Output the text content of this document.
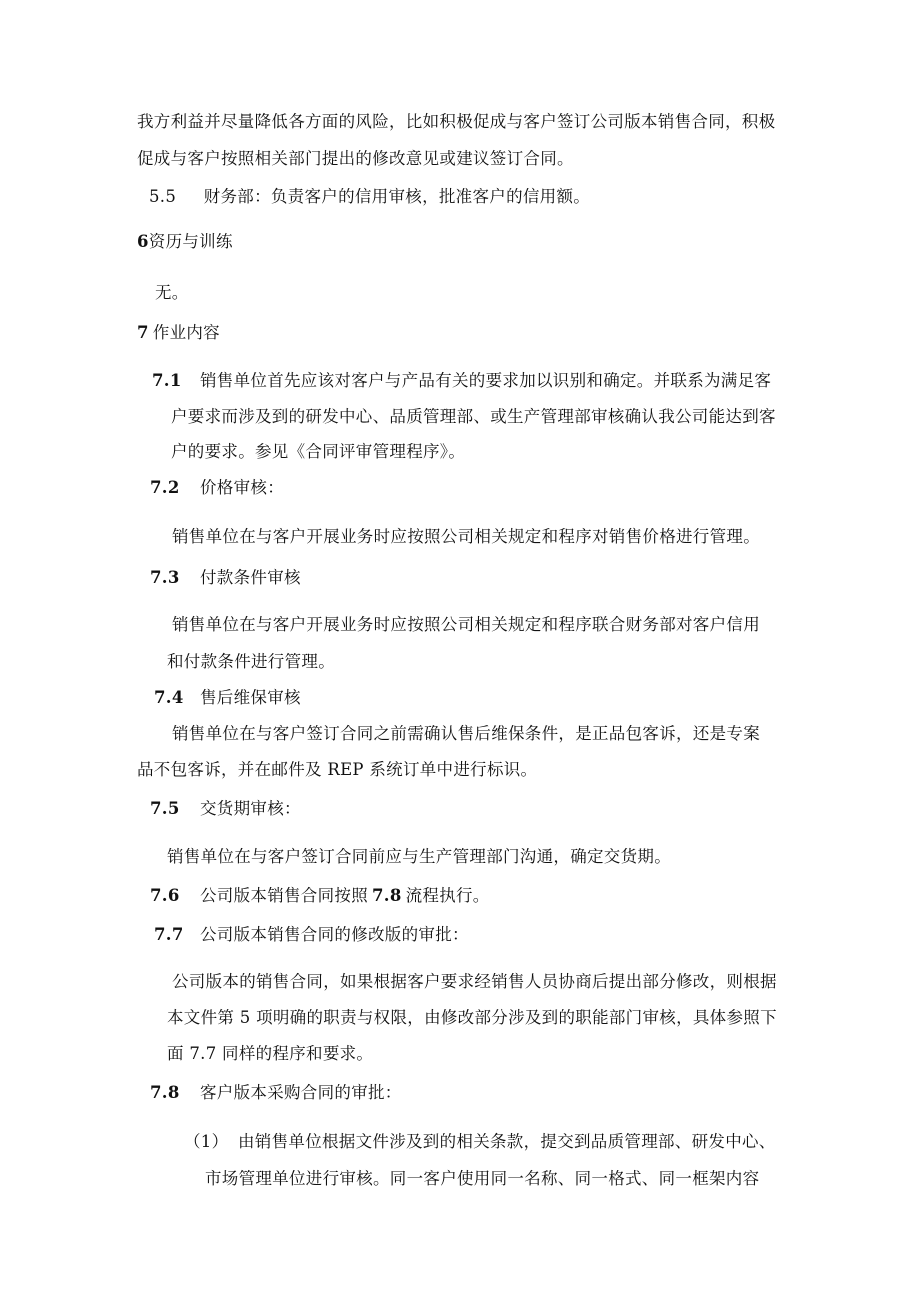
我方利益并尽量降低各方面的风险，比如积极促成与客户签订公司版本销售合同，积极
促成与客户按照相关部门提出的修改意见或建议签订合同。
5.5 财务部：负责客户的信用审核，批准客户的信用额。
6资历与训练
无。
7 作业内容
7.1 销售单位首先应该对客户与产品有关的要求加以识别和确定。并联系为满足客
户要求而涉及到的研发中心、品质管理部、或生产管理部审核确认我公司能达到客
户的要求。参见《合同评审管理程序》。
7.2 价格审核：
销售单位在与客户开展业务时应按照公司相关规定和程序对销售价格进行管理。
7.3 付款条件审核
销售单位在与客户开展业务时应按照公司相关规定和程序联合财务部对客户信用
和付款条件进行管理。
7.4 售后维保审核
销售单位在与客户签订合同之前需确认售后维保条件，是正品包客诉，还是专案
品不包客诉，并在邮件及 REP 系统订单中进行标识。
7.5 交货期审核：
销售单位在与客户签订合同前应与生产管理部门沟通，确定交货期。
7.6 公司版本销售合同按照 7.8 流程执行。
7.7 公司版本销售合同的修改版的审批：
公司版本的销售合同，如果根据客户要求经销售人员协商后提出部分修改，则根据
本文件第 5 项明确的职责与权限，由修改部分涉及到的职能部门审核，具体参照下
面 7.7 同样的程序和要求。
7.8 客户版本采购合同的审批：
（1） 由销售单位根据文件涉及到的相关条款，提交到品质管理部、研发中心、
市场管理单位进行审核。同一客户使用同一名称、同一格式、同一框架内容
